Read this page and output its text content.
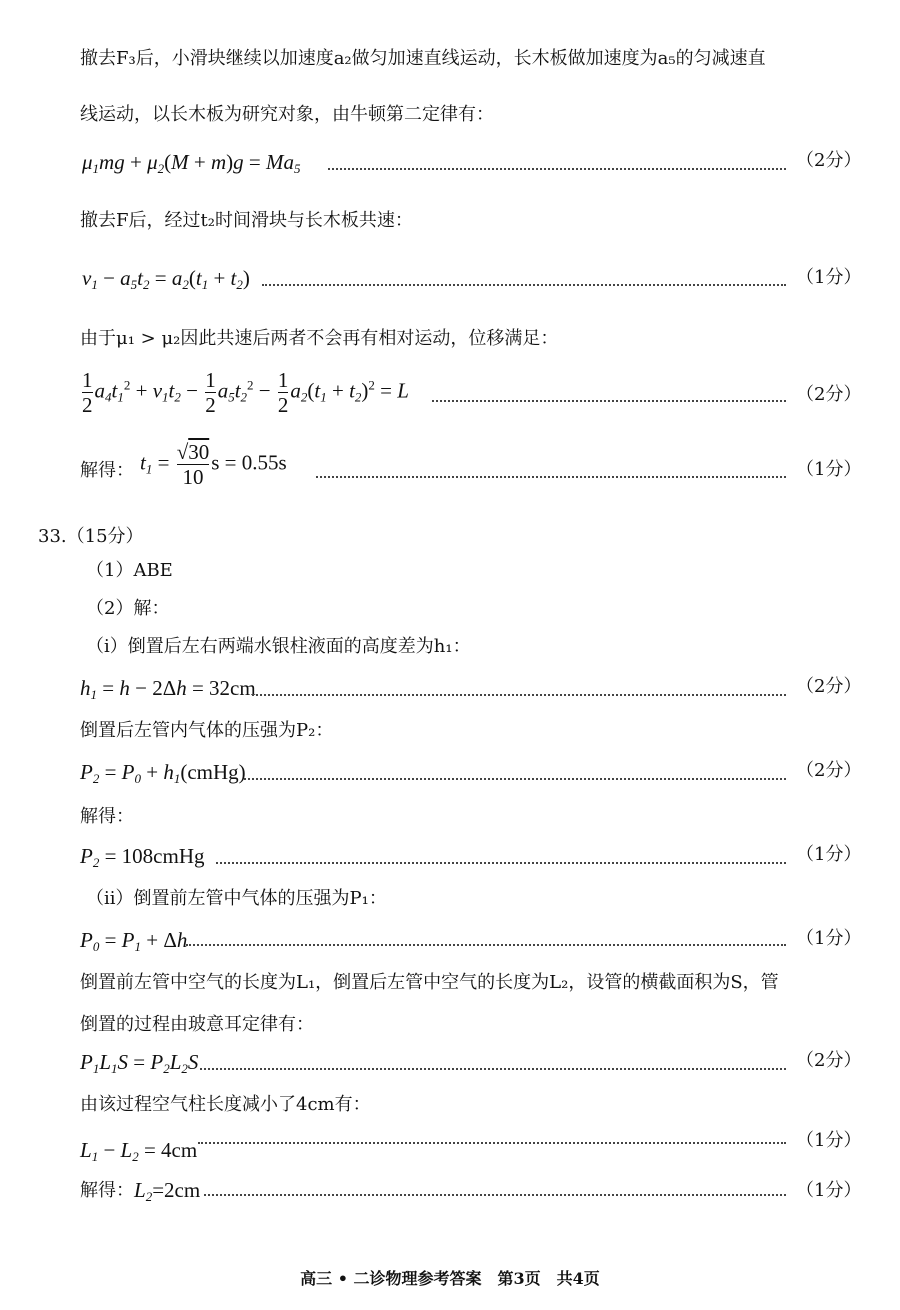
撤去F₃后，小滑块继续以加速度a₂做匀加速直线运动，长木板做加速度为a₅的匀减速直
线运动，以长木板为研究对象，由牛顿第二定律有：
$\mu_1mg + \mu_2(M + m)g = Ma_5$	（2分）
撤去F后，经过t₂时间滑块与长木板共速：
$v_1 - a_5t_2 = a_2(t_1 + t_2)$	（1分）
由于μ₁ > μ₂因此共速后两者不会再有相对运动，位移满足：
$\frac{1}{2} a_4t_1^2 + v_1t_2 - \frac{1}{2} a_5t_2^2 - \frac{1}{2} a_2(t_1 + t_2)^2 = L$	（2分）
解得： $t_1 = \frac{√30}{10}$ s = 0.55s	（1分）
33.（15分）
（1）ABE
（2）解：
（i）倒置后左右两端水银柱液面的高度差为h₁：
$h_1 = h - 2\Delta h = 32cm$	（2分）
倒置后左管内气体的压强为P₂：
$P_2 = P_0$ + $h_1(cmHg)$	（2分）
解得：
$P_2$ = 108cmHg	（1分）
（ii）倒置前左管中气体的压强为P₁：
$P_0 = P_1 + \Delta h$	（1分）
倒置前左管中空气的长度为L₁，倒置后左管中空气的长度为L₂，设管的横截面积为S，管
倒置的过程由玻意耳定律有：
$P_1L_1S = P_2L_2S$	（2分）
由该过程空气柱长度减小了4cm有：
$L_1 - L_2 = 4cm$	（1分）
解得： $L_2=2cm$	（1分）
高三 • 二诊物理参考答案　第3页　共4页
